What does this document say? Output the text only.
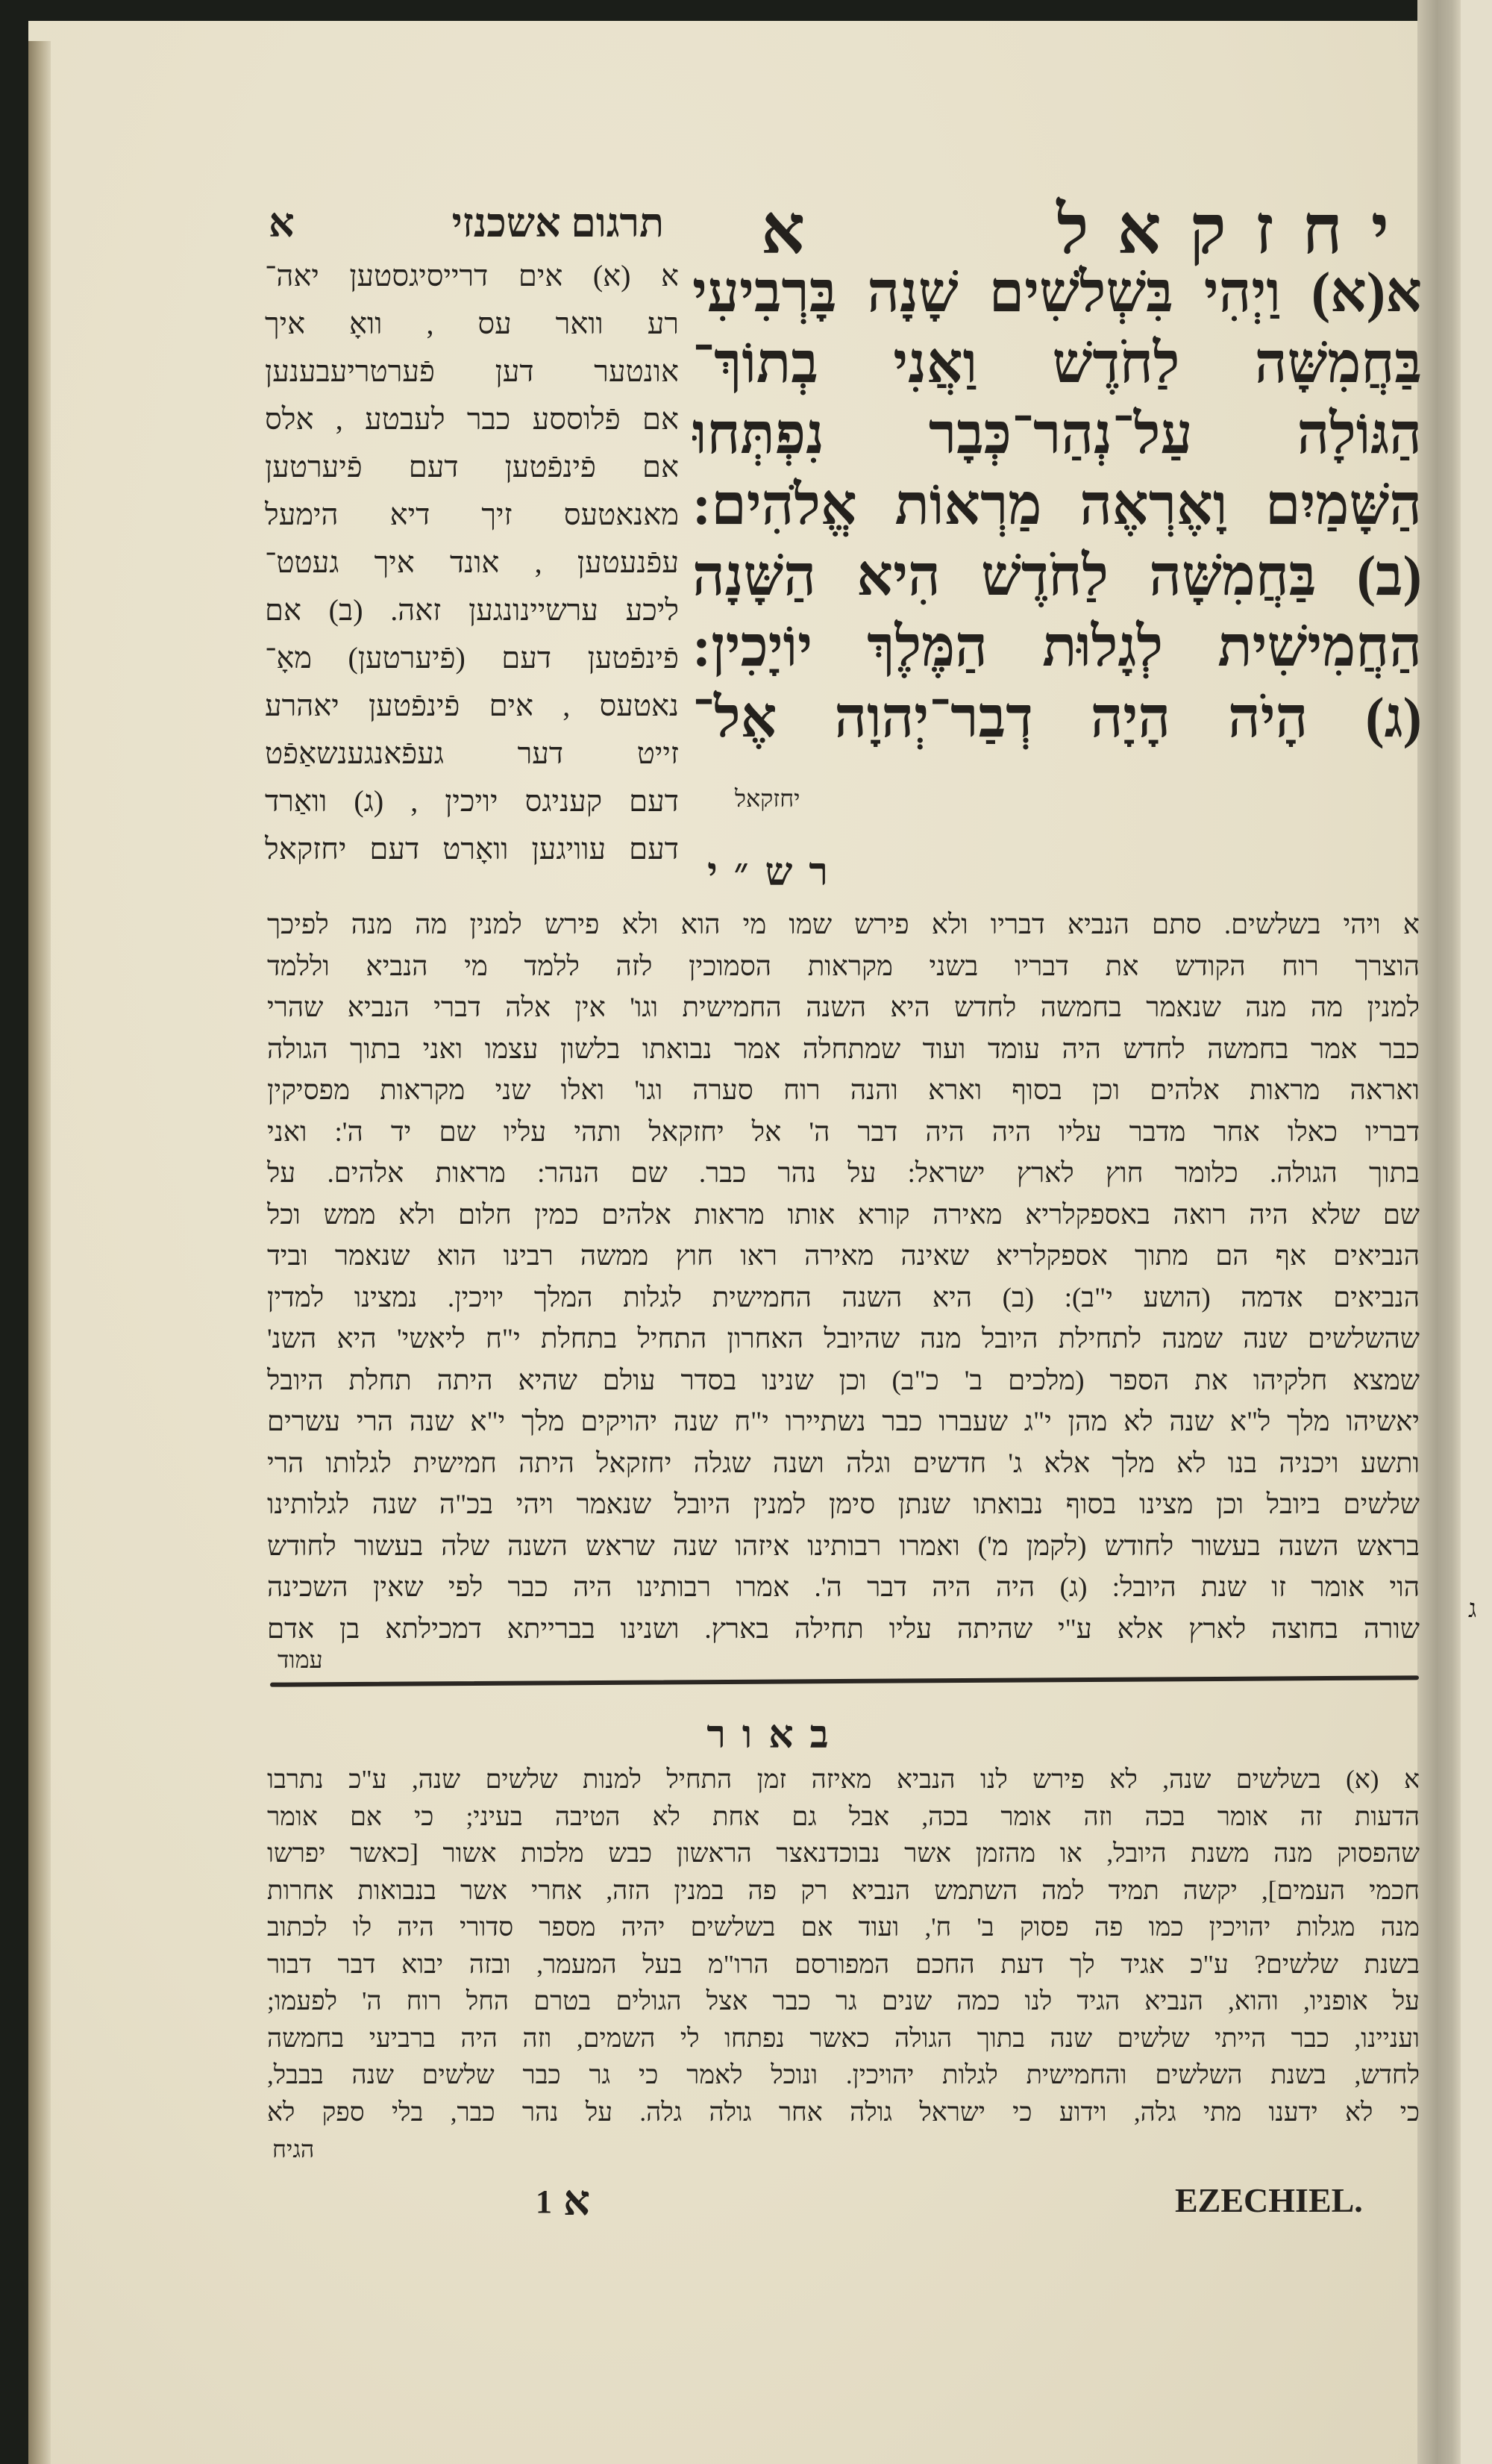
ג
תרגום אשכנזי
א	יחזקאל
א
א (א) אים דרייסיגסטען יאה־
רע וואר עס , וואָ איך
אונטער דען פֿערטריעבענען
אם פֿלוססע כבר לעבטע , אלס
אם פֿינפֿטען דעם פֿיערטען
מאנאטעס זיך דיא הימעל
עפֿנעטען , אונד איך געטט־
ליכע ערשיינונגען זאה. (ב) אם
פֿינפֿטען דעם (פֿיערטען) מאָ־
נאטעס , אים פֿינפֿטען יאהרע
זייט דער געפֿאנגענשאַפֿט
דעם קעניגס יויכין , (ג) וואַרד
דעם עוויגען וואָרט דעם יחזקאל
א(א) וַיְהִי בִּשְׁלֹשִׁים שָׁנָה בָּרְבִיעִי
בַּחֲמִשָּׁה לַחֹדֶשׁ וַאֲנִי בְתוֹךְ־
הַגּוֹלָה עַל־נְהַר־כְּבָר נִפְתְּחוּ
הַשָּׁמַיִם וָאֶרְאֶה מַרְאוֹת אֱלֹהִים:
(ב) בַּחֲמִשָּׁה לַחֹדֶשׁ הִיא הַשָּׁנָה
הַחֲמִישִׁית לְגָלוּת הַמֶּלֶךְ יוֹיָכִין:
(ג) הָיֹה הָיָה דְבַר־יְהוָה אֶל־
יחזקאל
רש״י
א ויהי בשלשים. סתם הנביא דבריו ולא פירש שמו מי הוא ולא פירש למנין מה מנה לפיכך
הוצרך רוח הקודש את דבריו בשני מקראות הסמוכין לזה ללמד מי הנביא וללמד
למנין מה מנה שנאמר בחמשה לחדש היא השנה החמישית וגו' אין אלה דברי הנביא שהרי
כבר אמר בחמשה לחדש היה עומד ועוד שמתחלה אמר נבואתו בלשון עצמו ואני בתוך הגולה
ואראה מראות אלהים וכן בסוף וארא והנה רוח סערה וגו' ואלו שני מקראות מפסיקין
דבריו כאלו אחר מדבר עליו היה היה דבר ה' אל יחזקאל ותהי עליו שם יד ה': ואני
בתוך הגולה. כלומר חוץ לארץ ישראל: על נהר כבר. שם הנהר: מראות אלהים. על
שם שלא היה רואה באספקלריא מאירה קורא אותו מראות אלהים כמין חלום ולא ממש וכל
הנביאים אף הם מתוך אספקלריא שאינה מאירה ראו חוץ ממשה רבינו הוא שנאמר וביד
הנביאים אדמה (הושע י"ב): (ב) היא השנה החמישית לגלות המלך יויכין. נמצינו למדין
שהשלשים שנה שמנה לתחילת היובל מנה שהיובל האחרון התחיל בתחלת י"ח ליאשי' היא השנ'
שמצא חלקיהו את הספר (מלכים ב' כ"ב) וכן שנינו בסדר עולם שהיא היתה תחלת היובל
יאשיהו מלך ל"א שנה לא מהן י"ג שעברו כבר נשתיירו י"ח שנה יהויקים מלך י"א שנה הרי עשרים
ותשע ויכניה בנו לא מלך אלא ג' חדשים וגלה ושנה שגלה יחזקאל היתה חמישית לגלותו הרי
שלשים ביובל וכן מצינו בסוף נבואתו שנתן סימן למנין היובל שנאמר ויהי בכ"ה שנה לגלותינו
בראש השנה בעשור לחודש (לקמן מ') ואמרו רבותינו איזהו שנה שראש השנה שלה בעשור לחודש
הוי אומר זו שנת היובל: (ג) היה היה דבר ה'. אמרו רבותינו היה כבר לפי שאין השכינה
שורה בחוצה לארץ אלא ע"י שהיתה עליו תחילה בארץ. ושנינו בברייתא דמכילתא בן אדם
עמוד
באור
א (א) בשלשים שנה, לא פירש לנו הנביא מאיזה זמן התחיל למנות שלשים שנה, ע"כ נתרבו
הדעות זה אומר בכה וזה אומר בכה, אבל גם אחת לא הטיבה בעיני; כי אם אומר
שהפסוק מנה משנת היובל, או מהזמן אשר נבוכדנאצר הראשון כבש מלכות אשור [כאשר יפרשו
חכמי העמים], יקשה תמיד למה השתמש הנביא רק פה במנין הזה, אחרי אשר בנבואות אחרות
מנה מגלות יהויכין כמו פה פסוק ב' ח', ועוד אם בשלשים יהיה מספר סדורי היה לו לכתוב
בשנת שלשים? ע"כ אגיד לך דעת החכם המפורסם הרו"מ בעל המעמר, ובזה יבוא דבר דבור
על אופניו, והוא, הנביא הגיד לנו כמה שנים גר כבר אצל הגולים בטרם החל רוח ה' לפעמו;
ועניינו, כבר הייתי שלשים שנה בתוך הגולה כאשר נפתחו לי השמים, וזה היה ברביעי בחמשה
לחדש, בשנת השלשים והחמישית לגלות יהויכין. ונוכל לאמר כי גר כבר שלשים שנה בבבל,
כי לא ידענו מתי גלה, וידוע כי ישראל גולה אחר גולה גלה. על נהר כבר, בלי ספק לא
הגיח
א
1	EZECHIEL.
